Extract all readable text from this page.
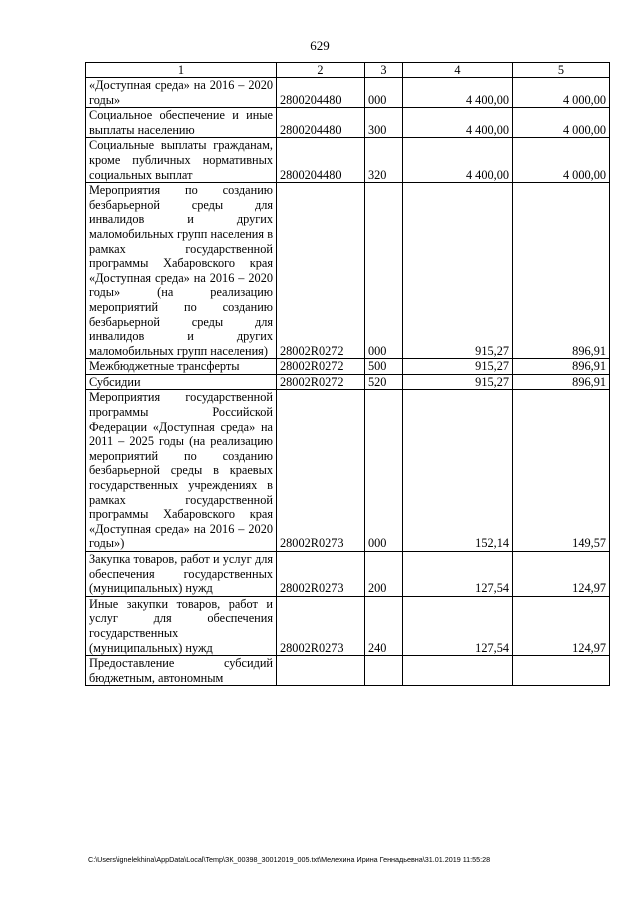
629
1	2	3	4	5
«Доступная среда» на 2016 – 2020 годы»	2800204480	000	4 400,00	4 000,00
Социальное обеспечение и иные выплаты населению	2800204480	300	4 400,00	4 000,00
Социальные выплаты гражданам, кроме публичных нормативных социальных выплат	2800204480	320	4 400,00	4 000,00
Мероприятия по созданию безбарьерной среды для инвалидов и других маломобильных групп населения в рамках государственной программы Хабаровского края «Доступная среда» на 2016 – 2020 годы» (на реализацию мероприятий по созданию безбарьерной среды для инвалидов и других маломобильных групп населения)	28002R0272	000	915,27	896,91
Межбюджетные трансферты	28002R0272	500	915,27	896,91
Субсидии	28002R0272	520	915,27	896,91
Мероприятия государственной программы Российской Федерации «Доступная среда» на 2011 – 2025 годы (на реализацию мероприятий по созданию безбарьерной среды в краевых государственных учреждениях в рамках государственной программы Хабаровского края «Доступная среда» на 2016 – 2020 годы»)	28002R0273	000	152,14	149,57
Закупка товаров, работ и услуг для обеспечения государственных (муниципальных) нужд	28002R0273	200	127,54	124,97
Иные закупки товаров, работ и услуг для обеспечения государственных (муниципальных) нужд	28002R0273	240	127,54	124,97
Предоставление субсидий бюджетным, автономным				
C:\Users\ignelekhina\AppData\Local\Temp\ЗК_00398_30012019_005.txt\Мелехина Ирина Геннадьевна\31.01.2019 11:55:28
